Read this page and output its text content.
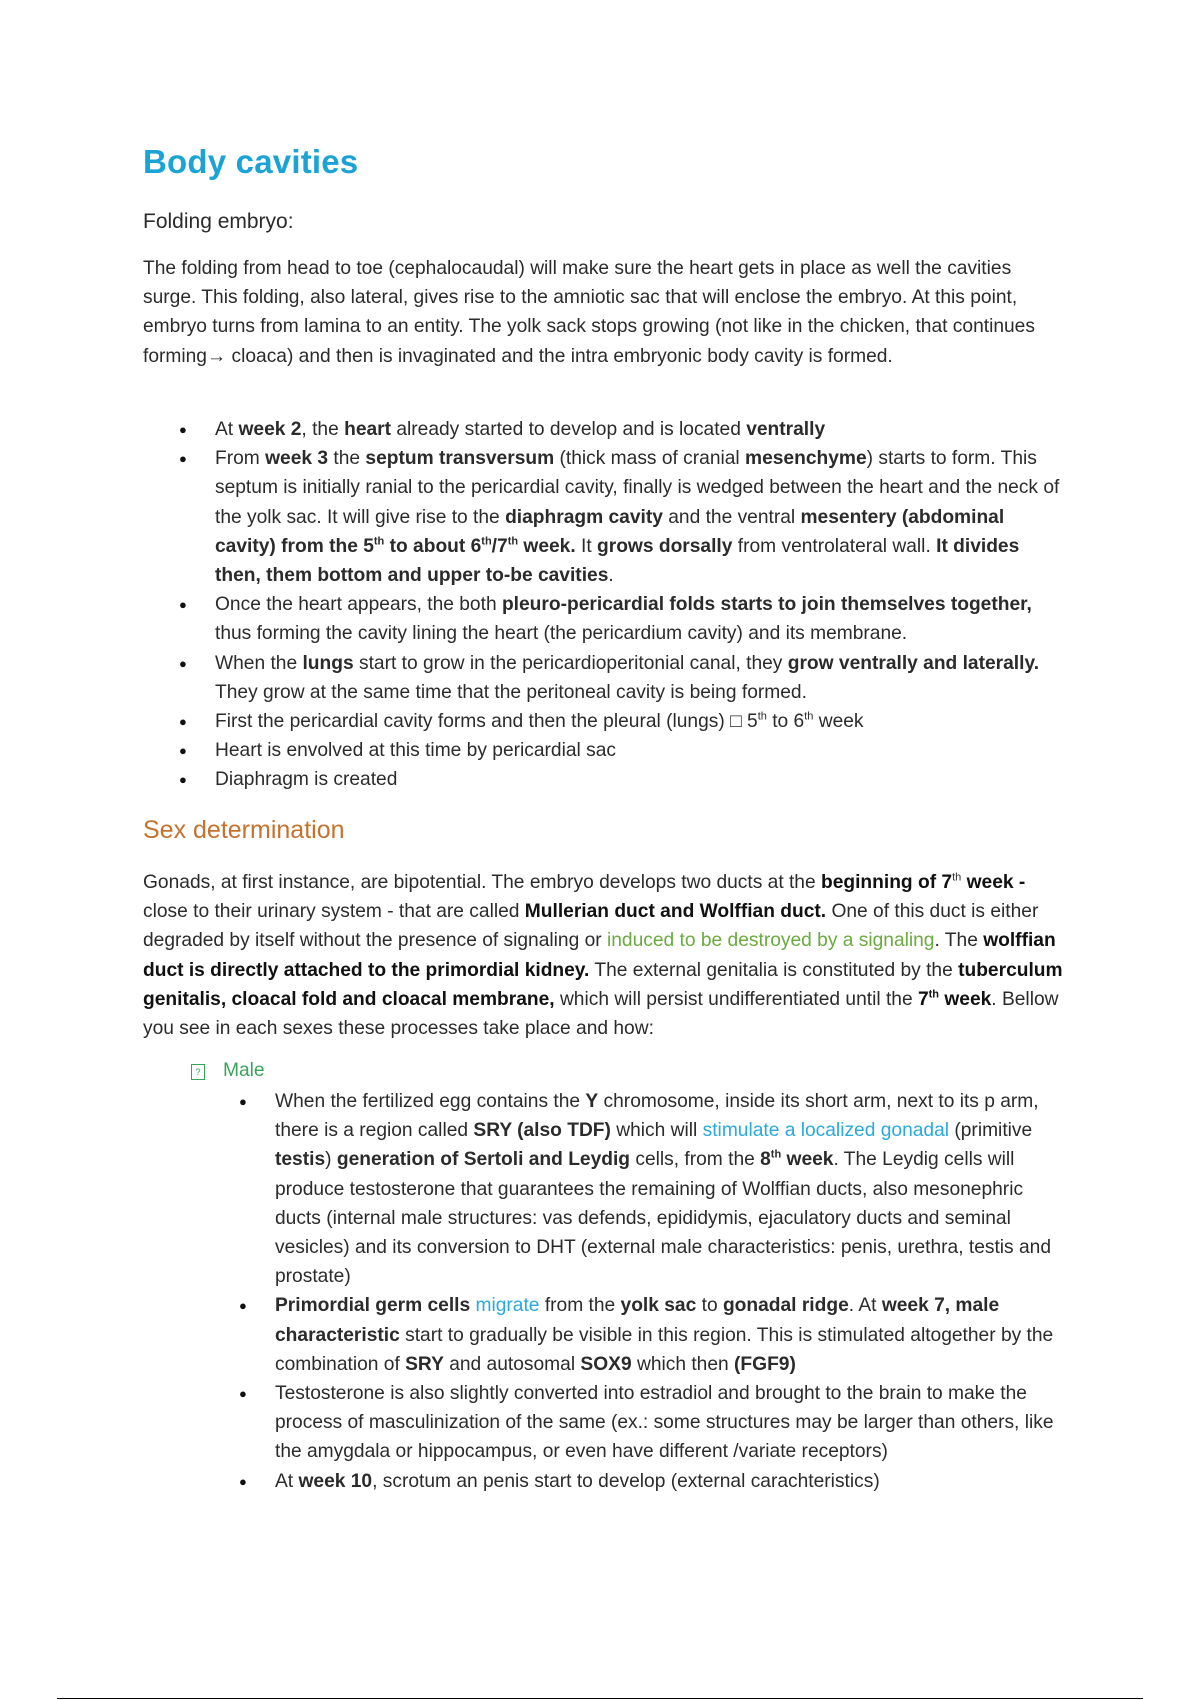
Body cavities
Folding embryo:
The folding from head to toe (cephalocaudal) will make sure the heart gets in place as well the cavities surge. This folding, also lateral, gives rise to the amniotic sac that will enclose the embryo. At this point, embryo turns from lamina to an entity. The yolk sack stops growing (not like in the chicken, that continues forming→ cloaca) and then is invaginated and the intra embryonic body cavity is formed.
● At week 2, the heart already started to develop and is located ventrally
● From week 3 the septum transversum (thick mass of cranial mesenchyme) starts to form. This septum is initially ranial to the pericardial cavity, finally is wedged between the heart and the neck of the yolk sac. It will give rise to the diaphragm cavity and the ventral mesentery (abdominal cavity) from the 5th to about 6th/7th week. It grows dorsally from ventrolateral wall. It divides then, them bottom and upper to-be cavities.
● Once the heart appears, the both pleuro-pericardial folds starts to join themselves together, thus forming the cavity lining the heart (the pericardium cavity) and its membrane.
● When the lungs start to grow in the pericardioperitonial canal, they grow ventrally and laterally. They grow at the same time that the peritoneal cavity is being formed.
● First the pericardial cavity forms and then the pleural (lungs) □ 5th to 6th week
● Heart is envolved at this time by pericardial sac
● Diaphragm is created
Sex determination
Gonads, at first instance, are bipotential. The embryo develops two ducts at the beginning of 7th week - close to their urinary system - that are called Mullerian duct and Wolffian duct. One of this duct is either degraded by itself without the presence of signaling or induced to be destroyed by a signaling. The wolffian duct is directly attached to the primordial kidney. The external genitalia is constituted by the tuberculum genitalis, cloacal fold and cloacal membrane, which will persist undifferentiated until the 7th week. Bellow you see in each sexes these processes take place and how:
? Male
● When the fertilized egg contains the Y chromosome, inside its short arm, next to its p arm, there is a region called SRY (also TDF) which will stimulate a localized gonadal (primitive testis) generation of Sertoli and Leydig cells, from the 8th week. The Leydig cells will produce testosterone that guarantees the remaining of Wolffian ducts, also mesonephric ducts (internal male structures: vas defends, epididymis, ejaculatory ducts and seminal vesicles) and its conversion to DHT (external male characteristics: penis, urethra, testis and prostate)
● Primordial germ cells migrate from the yolk sac to gonadal ridge. At week 7, male characteristic start to gradually be visible in this region. This is stimulated altogether by the combination of SRY and autosomal SOX9 which then (FGF9)
● Testosterone is also slightly converted into estradiol and brought to the brain to make the process of masculinization of the same (ex.: some structures may be larger than others, like the amygdala or hippocampus, or even have different /variate receptors)
● At week 10, scrotum an penis start to develop (external carachteristics)
